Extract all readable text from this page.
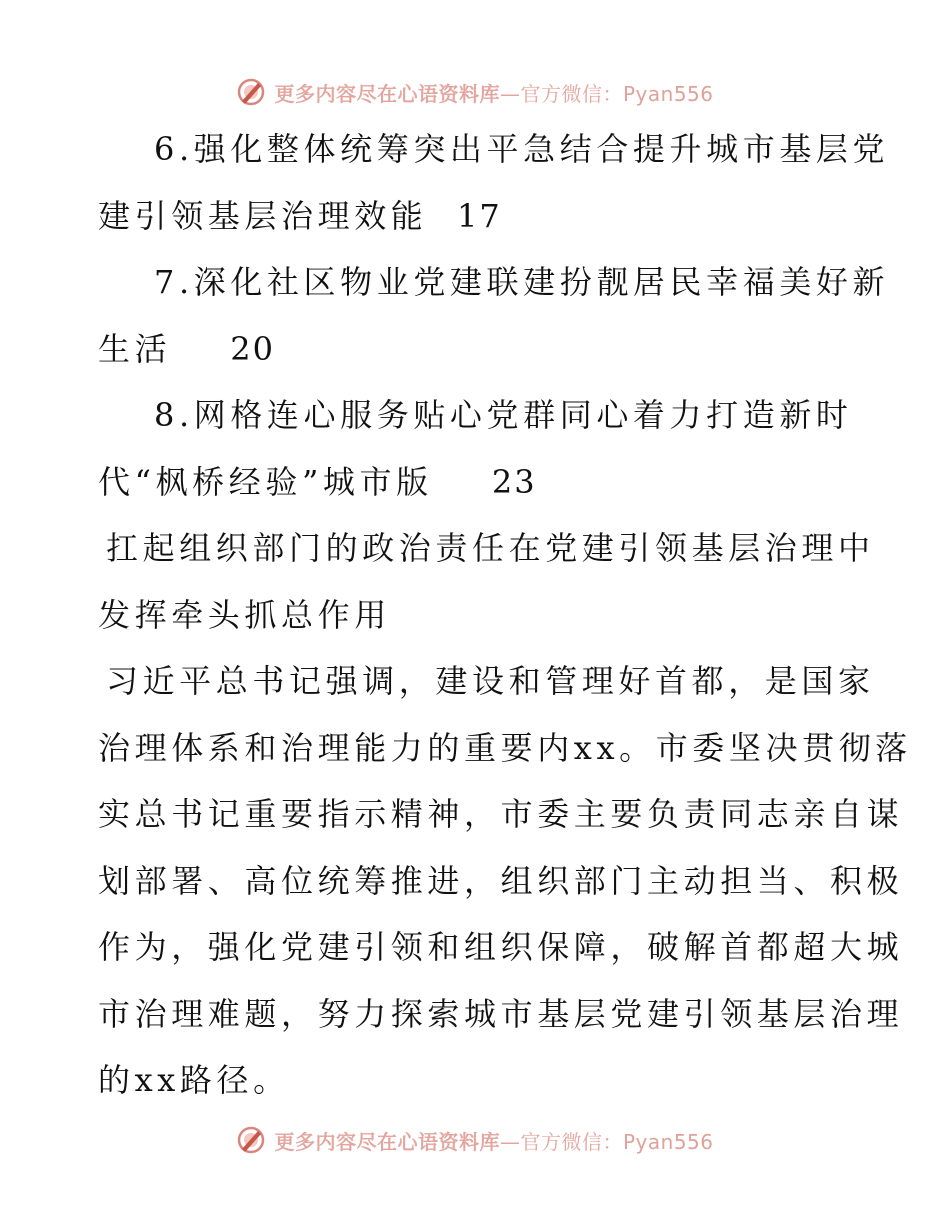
更多内容尽在心语资料库—官方微信：Pyan556
6.强化整体统筹突出平急结合提升城市基层党
建引领基层治理效能 17
7.深化社区物业党建联建扮靓居民幸福美好新
生活 20
8.网格连心服务贴心党群同心着力打造新时
代“枫桥经验”城市版 23
扛起组织部门的政治责任在党建引领基层治理中
发挥牵头抓总作用
习近平总书记强调，建设和管理好首都，是国家
治理体系和治理能力的重要内xx。市委坚决贯彻落
实总书记重要指示精神，市委主要负责同志亲自谋
划部署、高位统筹推进，组织部门主动担当、积极
作为，强化党建引领和组织保障，破解首都超大城
市治理难题，努力探索城市基层党建引领基层治理
的xx路径。
更多内容尽在心语资料库—官方微信：Pyan556
